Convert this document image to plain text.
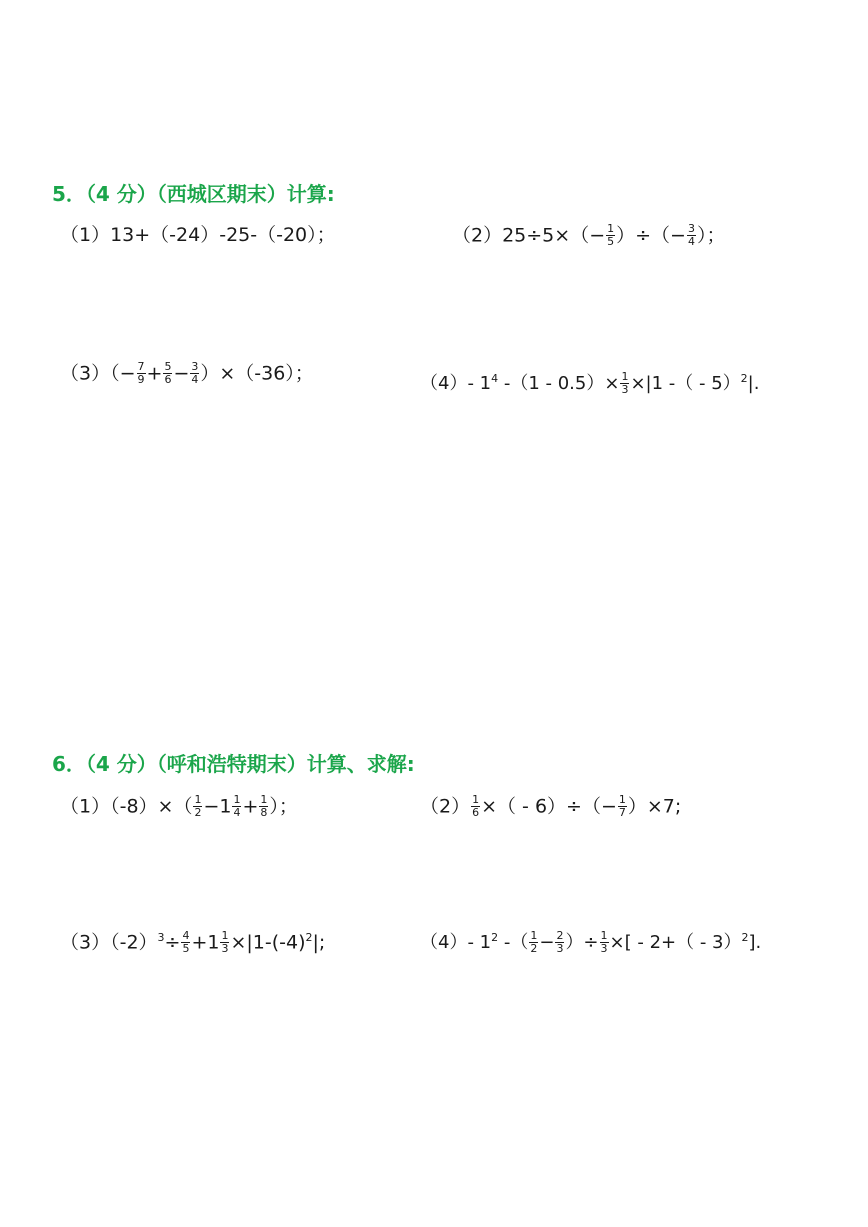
5．（4 分）（西城区期末）计算:
（1）13+（-24）-25-（-20）；	$(2)25\div 5\times(- \frac{1}{5}$ ）÷（− $\frac{3}{4}$ ）；
$(3)(- \frac{7}{9} + \frac{5}{6} - \frac{3}{4} )\times(-36)$；	（4）- $1^4$ $-(1 - 0.5)\times \frac{1}{3} \times|1$ -（ - 5）$^2$|.
6．（4 分）（呼和浩特期末）计算、求解:
$(1)(-8)\times( \frac{1}{2} -1 \frac{1}{4} + \frac{1}{8}$ ）；	$(2) \frac{1}{6}$ ×（ - $6)\div(- \frac{1}{7} )\times 7$;
$(3)(-2)^3\div \frac{4}{5} +1 \frac{1}{3} \times|1-(-4)^2|$;	（4）- $1^2$ -（ $\frac{1}{2} - \frac{2}{3}$ ）÷ $\frac{1}{3}$ ×[ - 2+（ - 3）$^2$].
